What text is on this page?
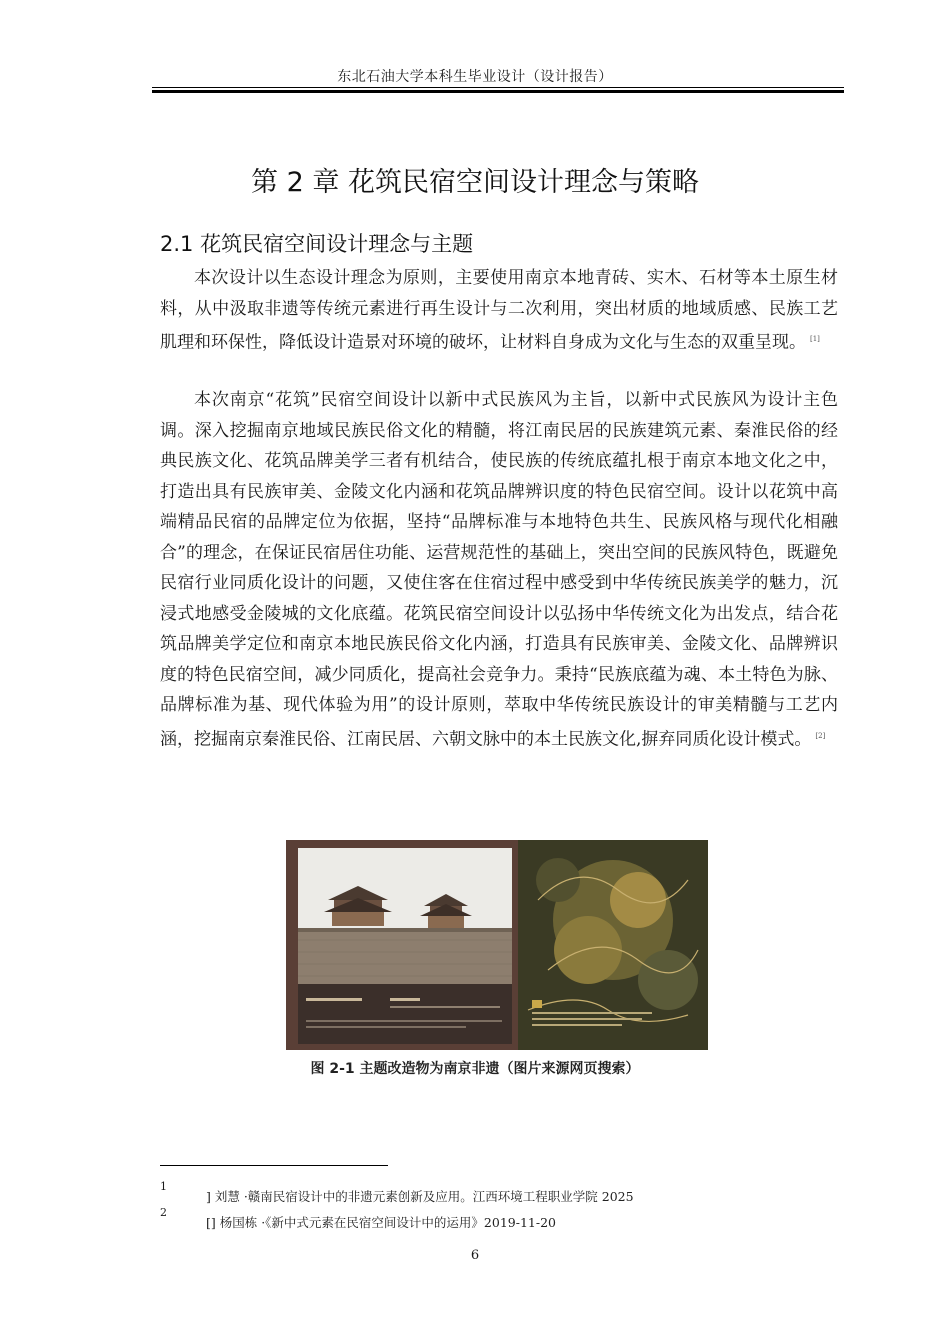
东北石油大学本科生毕业设计（设计报告）
第 2 章 花筑民宿空间设计理念与策略
2.1 花筑民宿空间设计理念与主题

本次设计以生态设计理念为原则，主要使用南京本地青砖、实木、石材等本土原生材料，从中汲取非遗等传统元素进行再生设计与二次利用，突出材质的地域质感、民族工艺肌理和环保性，降低设计造景对环境的破坏，让材料自身成为文化与生态的双重呈现。 [1]

本次南京“花筑”民宿空间设计以新中式民族风为主旨，以新中式民族风为设计主色调。深入挖掘南京地域民族民俗文化的精髓，将江南民居的民族建筑元素、秦淮民俗的经典民族文化、花筑品牌美学三者有机结合，使民族的传统底蕴扎根于南京本地文化之中，打造出具有民族审美、金陵文化内涵和花筑品牌辨识度的特色民宿空间。设计以花筑中高端精品民宿的品牌定位为依据，坚持“品牌标准与本地特色共生、民族风格与现代化相融合”的理念，在保证民宿居住功能、运营规范性的基础上，突出空间的民族风特色，既避免民宿行业同质化设计的问题，又使住客在住宿过程中感受到中华传统民族美学的魅力，沉浸式地感受金陵城的文化底蕴。花筑民宿空间设计以弘扬中华传统文化为出发点，结合花筑品牌美学定位和南京本地民族民俗文化内涵，打造具有民族审美、金陵文化、品牌辨识度的特色民宿空间，减少同质化，提高社会竞争力。秉持“民族底蕴为魂、本土特色为脉、品牌标准为基、现代体验为用”的设计原则，萃取中华传统民族设计的审美精髓与工艺内涵，挖掘南京秦淮民俗、江南民居、六朝文脉中的本土民族文化,摒弃同质化设计模式。 [2]

图 2-1 主题改造物为南京非遗（图片来源网页搜索）
1
] 刘慧 ·赣南民宿设计中的非遗元素创新及应用。江西环境工程职业学院 2025
2
[] 杨国栋 ·《新中式元素在民宿空间设计中的运用》2019-11-20
6
